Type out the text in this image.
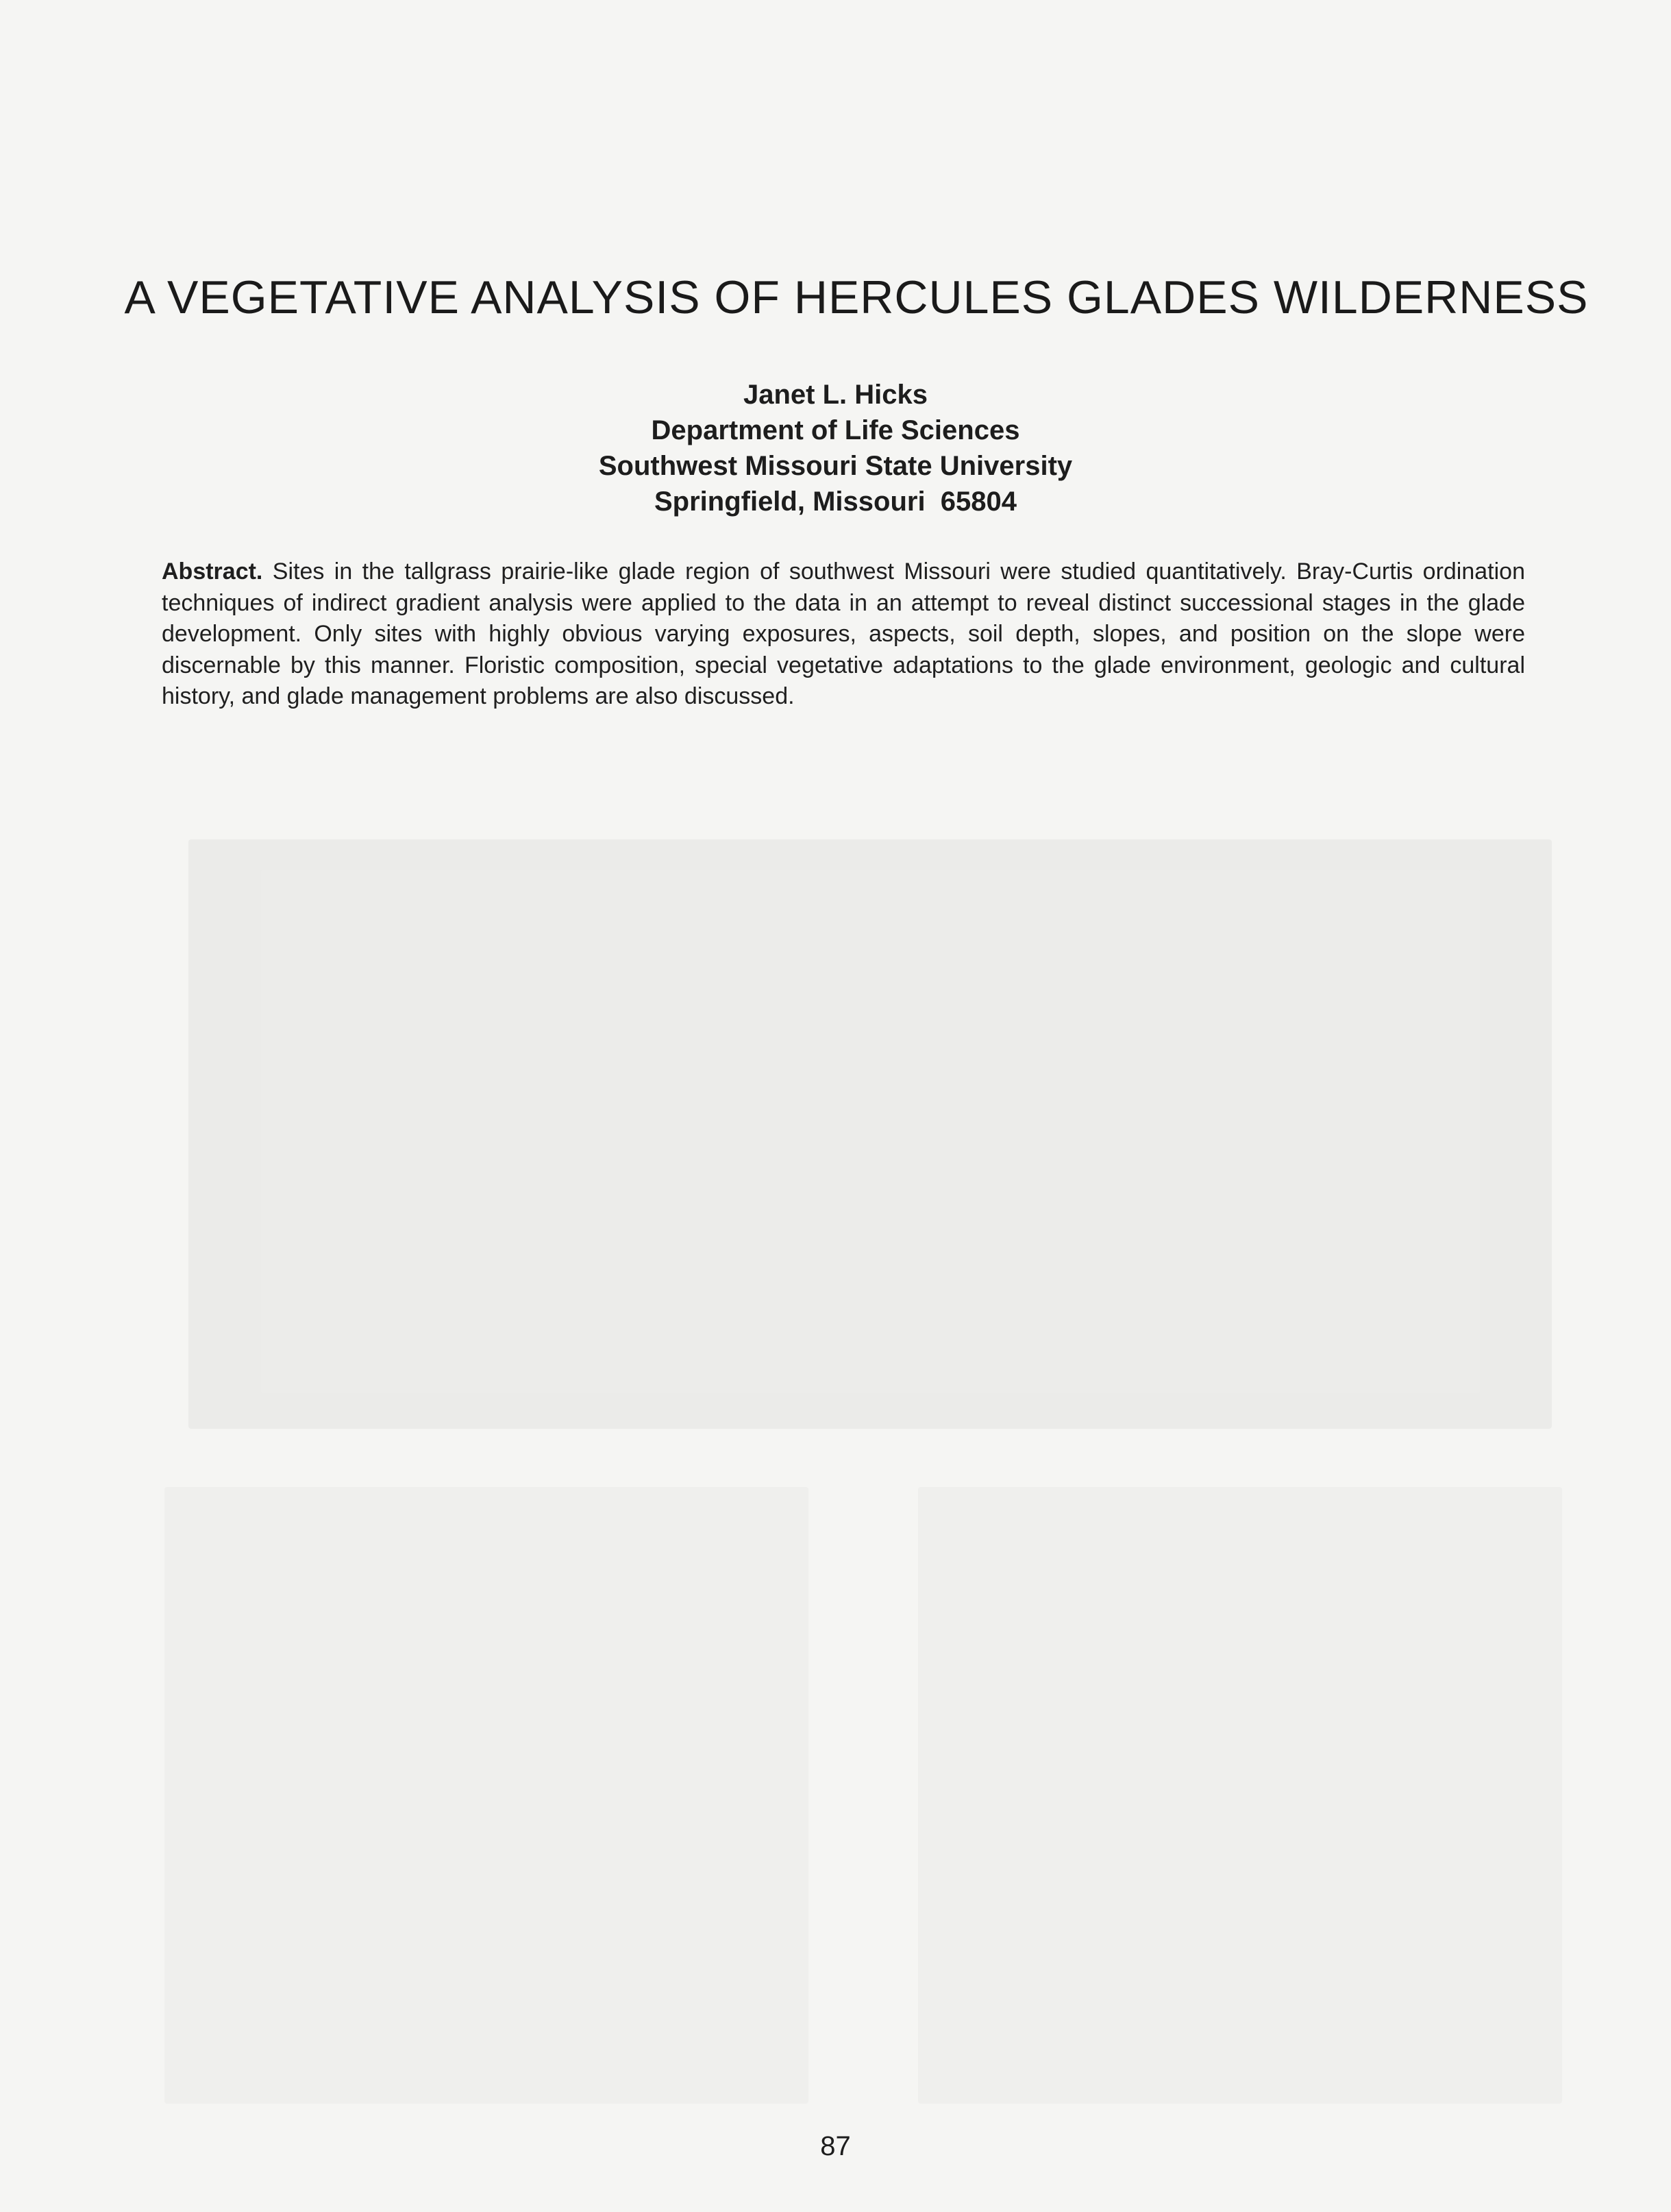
A VEGETATIVE ANALYSIS OF HERCULES GLADES WILDERNESS
Janet L. Hicks
Department of Life Sciences
Southwest Missouri State University
Springfield, Missouri  65804

Abstract. Sites in the tallgrass prairie-like glade region of southwest Missouri were studied quantitatively. Bray-Curtis ordination techniques of indirect gradient analysis were applied to the data in an attempt to reveal distinct successional stages in the glade development. Only sites with highly obvious varying exposures, aspects, soil depth, slopes, and position on the slope were discernable by this manner. Floristic composition, special vegetative adaptations to the glade environment, geologic and cultural history, and glade management problems are also discussed.

87
